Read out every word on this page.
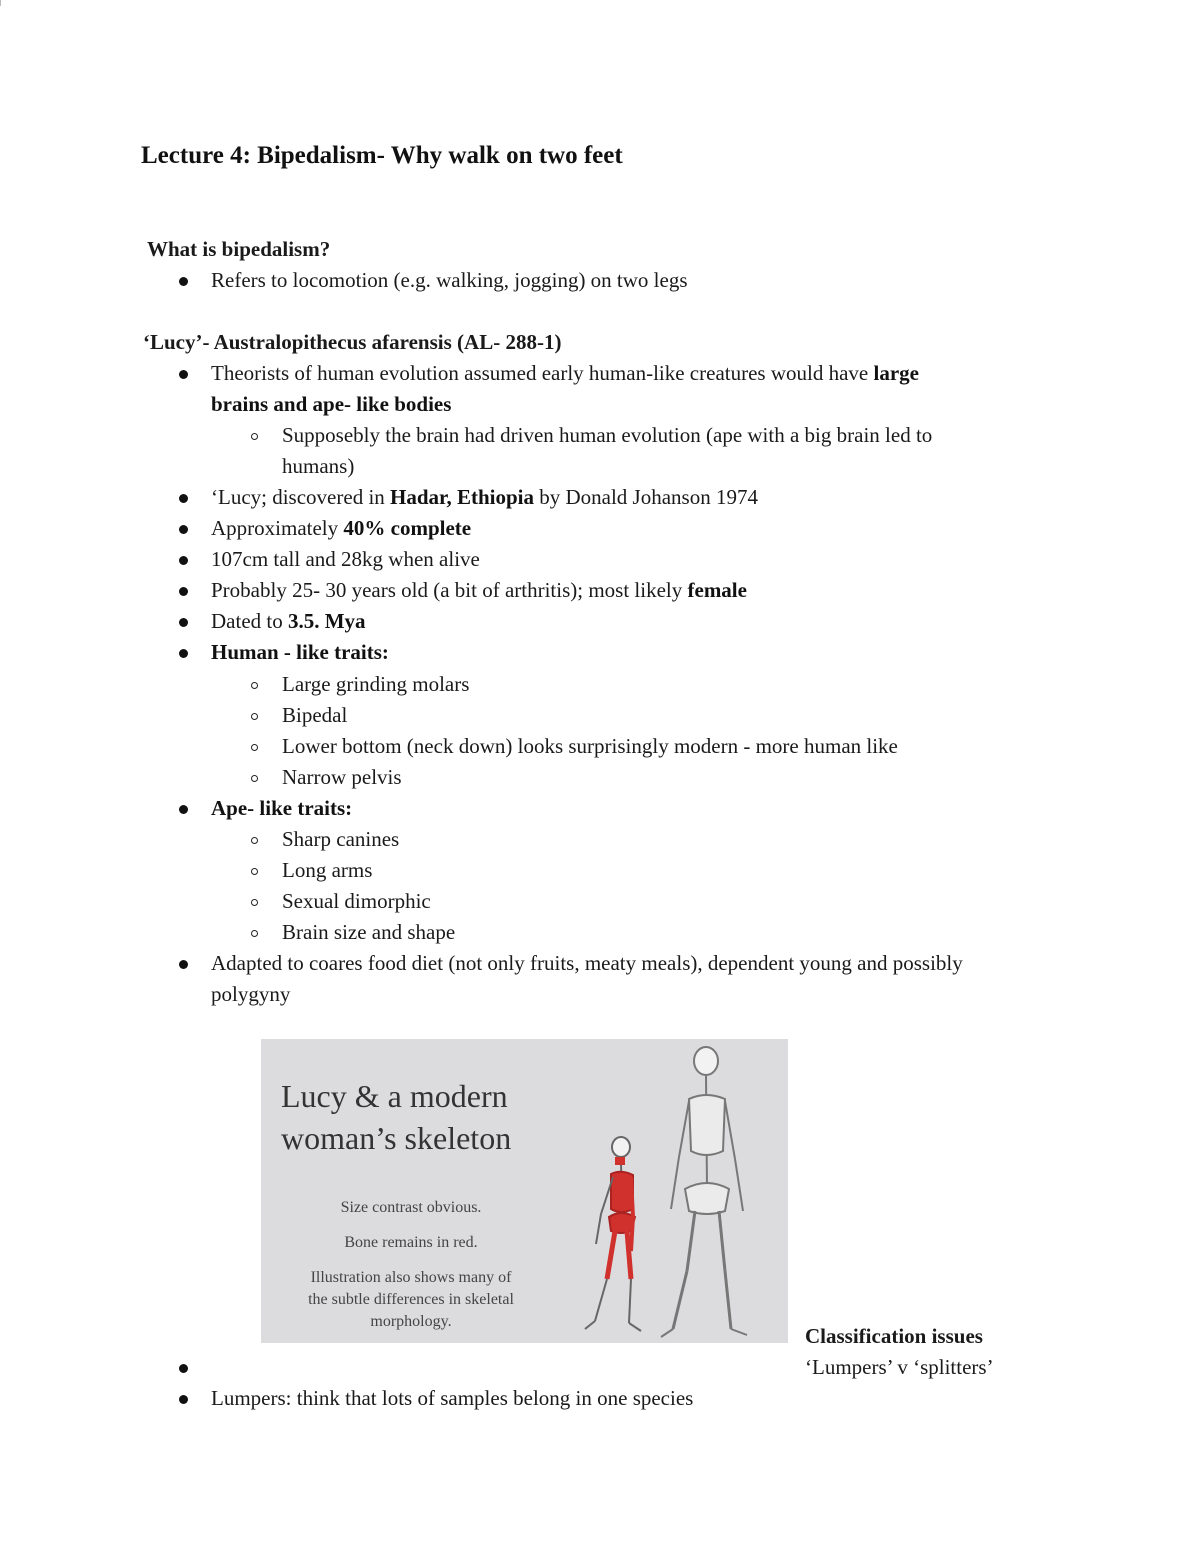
Lecture 4: Bipedalism- Why walk on two feet
What is bipedalism?
Refers to locomotion (e.g. walking, jogging) on two legs
‘Lucy’- Australopithecus afarensis (AL- 288-1)
Theorists of human evolution assumed early human-like creatures would have large
brains and ape- like bodies
Supposebly the brain had driven human evolution (ape with a big brain led to
humans)
‘Lucy; discovered in Hadar, Ethiopia by Donald Johanson 1974
Approximately 40% complete
107cm tall and 28kg when alive
Probably 25- 30 years old (a bit of arthritis); most likely female
Dated to 3.5. Mya
Human - like traits:
Large grinding molars
Bipedal
Lower bottom (neck down) looks surprisingly modern - more human like
Narrow pelvis
Ape- like traits:
Sharp canines
Long arms
Sexual dimorphic
Brain size and shape
Adapted to coares food diet (not only fruits, meaty meals), dependent young and possibly
polygyny
Lucy & a modern
woman’s skeleton
Size contrast obvious.
Bone remains in red.
Illustration also shows many of
the subtle differences in skeletal
morphology.
Classification issues
‘Lumpers’ v ‘splitters’
Lumpers: think that lots of samples belong in one species
